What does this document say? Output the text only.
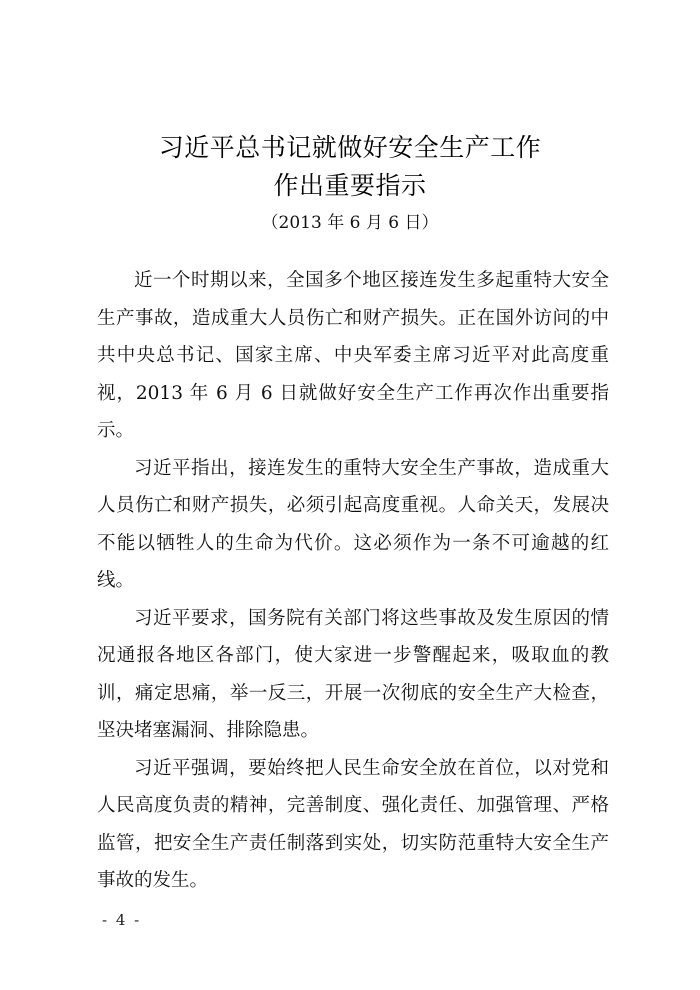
习近平总书记就做好安全生产工作
作出重要指示
（2013 年 6 月 6 日）

近一个时期以来，全国多个地区接连发生多起重特大安全生产事故，造成重大人员伤亡和财产损失。正在国外访问的中共中央总书记、国家主席、中央军委主席习近平对此高度重视，2013 年 6 月 6 日就做好安全生产工作再次作出重要指示。

习近平指出，接连发生的重特大安全生产事故，造成重大人员伤亡和财产损失，必须引起高度重视。人命关天，发展决不能以牺牲人的生命为代价。这必须作为一条不可逾越的红线。

习近平要求，国务院有关部门将这些事故及发生原因的情况通报各地区各部门，使大家进一步警醒起来，吸取血的教训，痛定思痛，举一反三，开展一次彻底的安全生产大检查，坚决堵塞漏洞、排除隐患。

习近平强调，要始终把人民生命安全放在首位，以对党和人民高度负责的精神，完善制度、强化责任、加强管理、严格监管，把安全生产责任制落到实处，切实防范重特大安全生产事故的发生。

- 4 -
